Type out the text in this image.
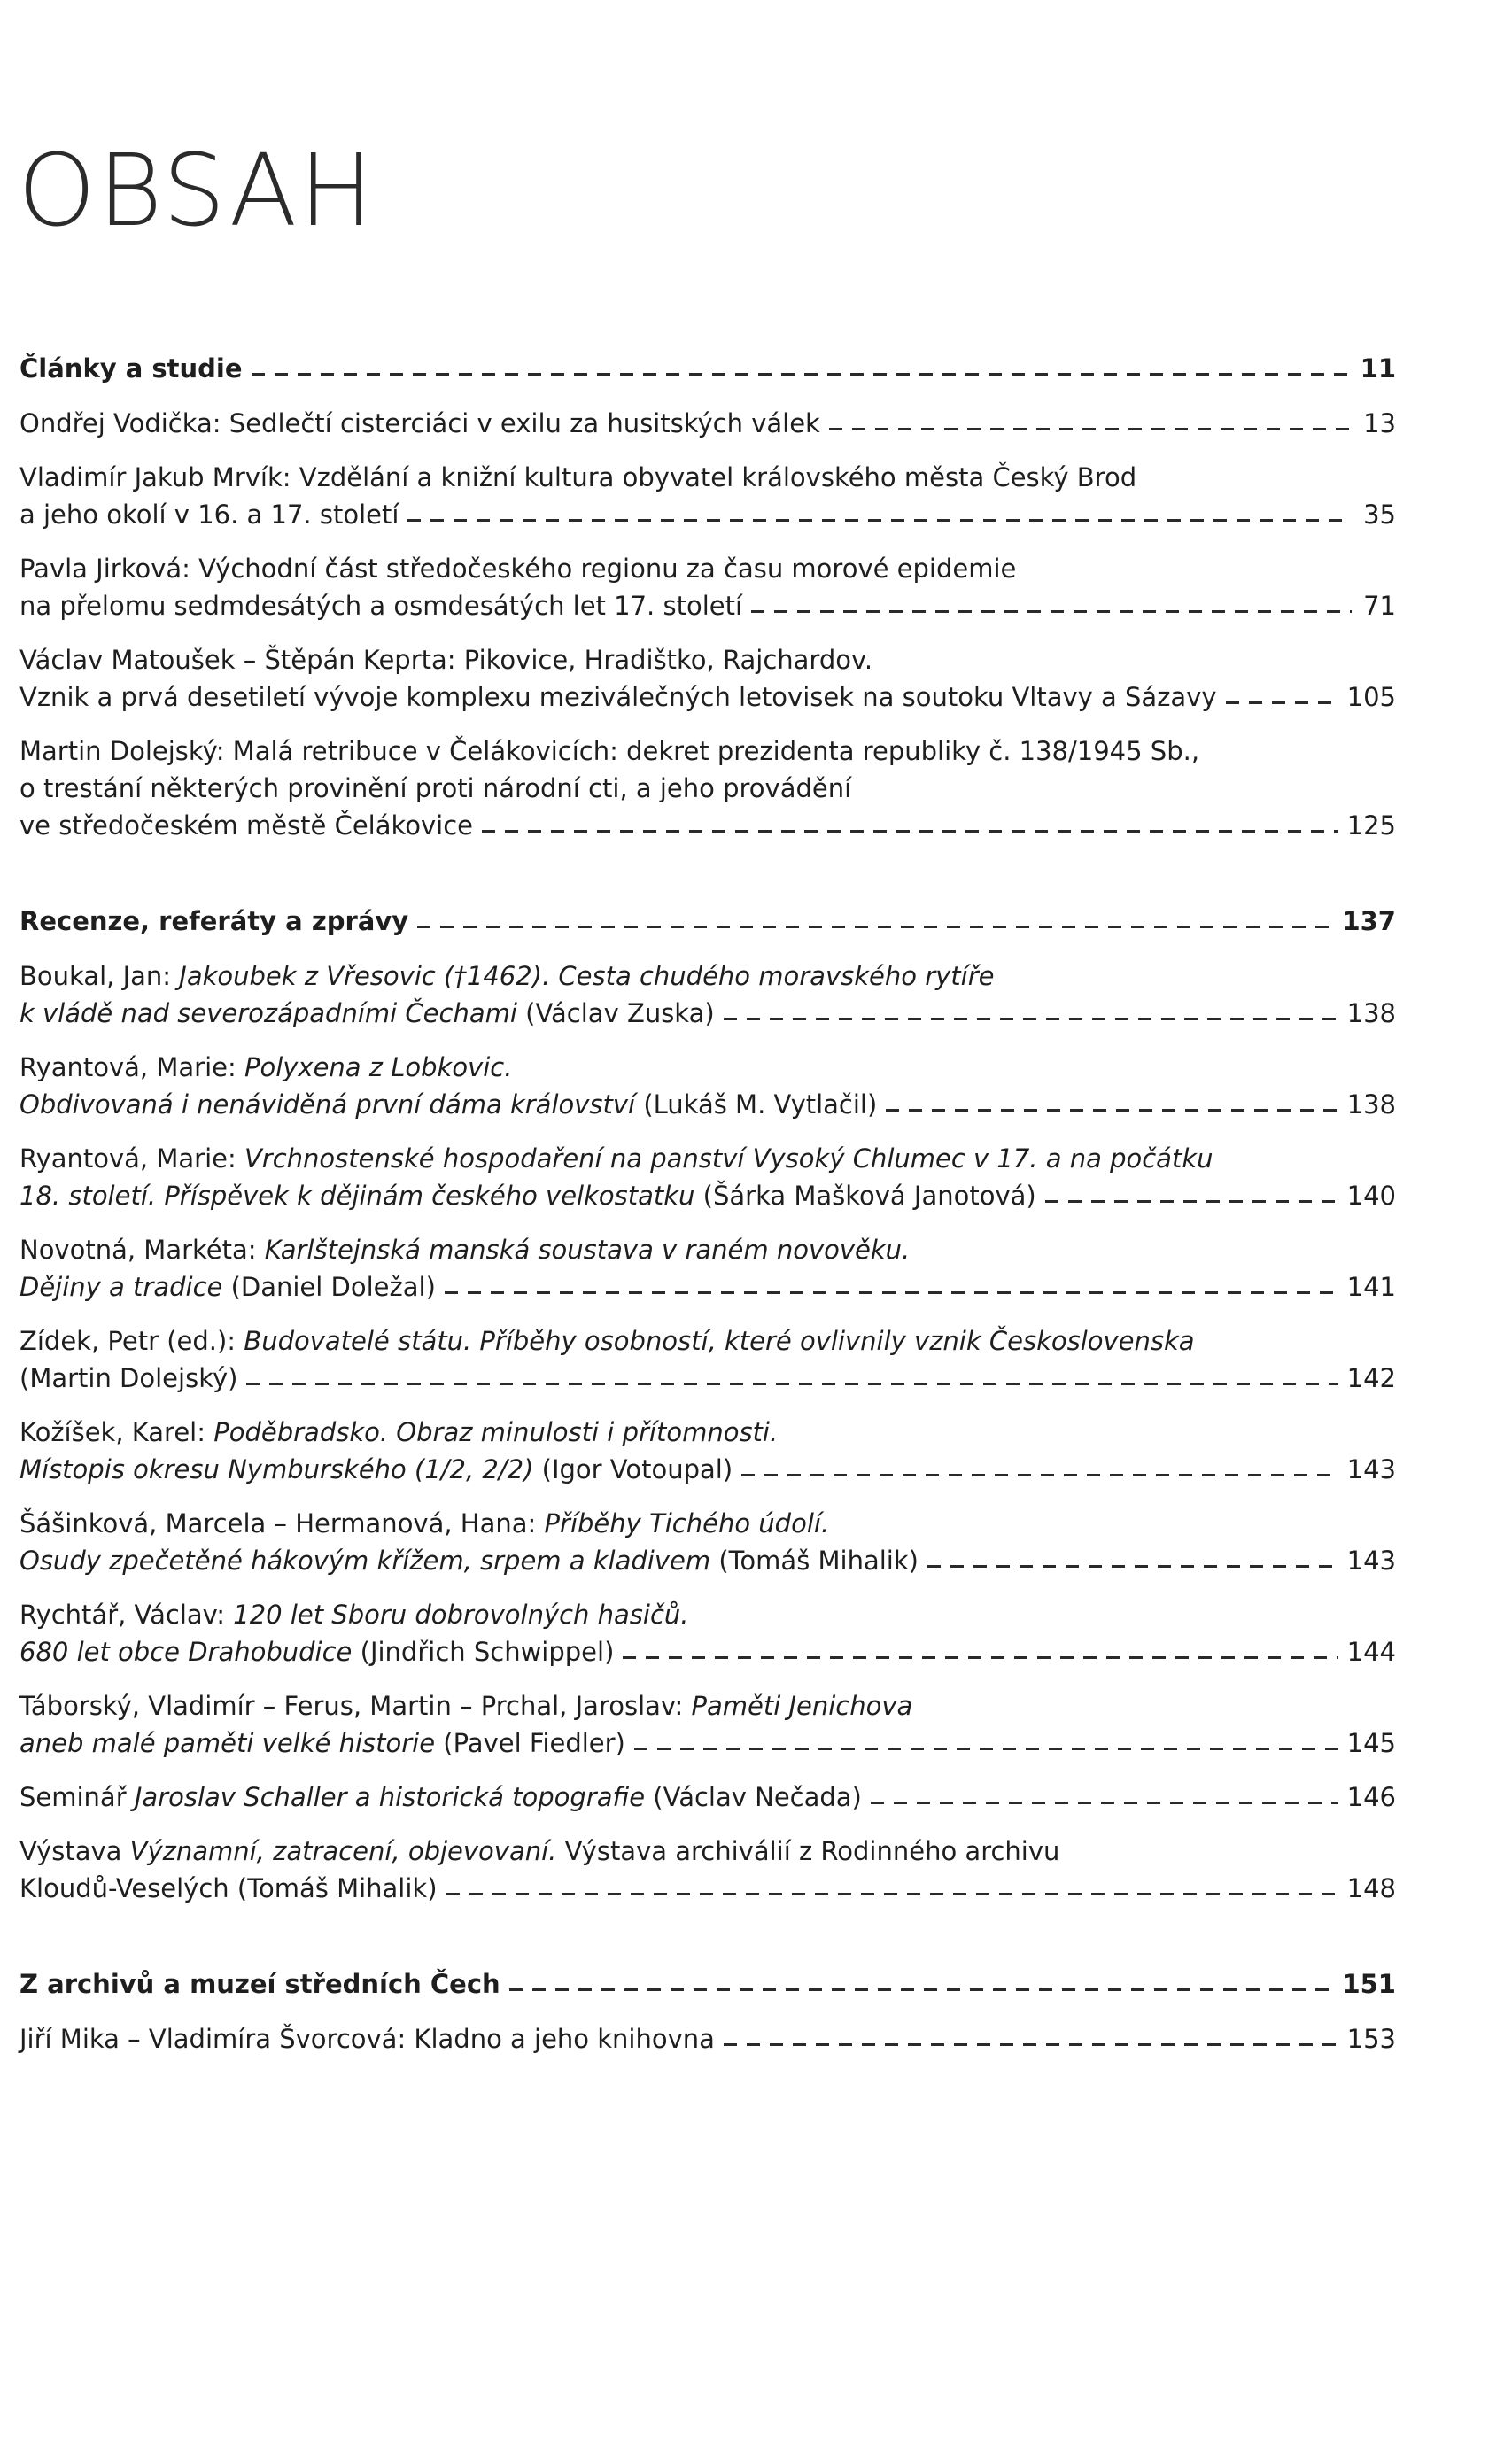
OBSAH
Články a studie	11
Ondřej Vodička: Sedlečtí cisterciáci v exilu za husitských válek	13
Vladimír Jakub Mrvík: Vzdělání a knižní kultura obyvatel královského města Český Brod
a jeho okolí v 16. a 17. století	35
Pavla Jirková: Východní část středočeského regionu za času morové epidemie
na přelomu sedmdesátých a osmdesátých let 17. století	71
Václav Matoušek – Štěpán Keprta: Pikovice, Hradištko, Rajchardov.
Vznik a prvá desetiletí vývoje komplexu meziválečných letovisek na soutoku Vltavy a Sázavy	105
Martin Dolejský: Malá retribuce v Čelákovicích: dekret prezidenta republiky č. 138/1945 Sb.,
o trestání některých provinění proti národní cti, a jeho provádění
ve středočeském městě Čelákovice	125
Recenze, referáty a zprávy	137
Boukal, Jan: Jakoubek z Vřesovic (†1462). Cesta chudého moravského rytíře
k vládě nad severozápadními Čechami (Václav Zuska)	138
Ryantová, Marie: Polyxena z Lobkovic.
Obdivovaná i nenáviděná první dáma království (Lukáš M. Vytlačil)	138
Ryantová, Marie: Vrchnostenské hospodaření na panství Vysoký Chlumec v 17. a na počátku
18. století. Příspěvek k dějinám českého velkostatku (Šárka Mašková Janotová)	140
Novotná, Markéta: Karlštejnská manská soustava v raném novověku.
Dějiny a tradice (Daniel Doležal)	141
Zídek, Petr (ed.): Budovatelé státu. Příběhy osobností, které ovlivnily vznik Československa
(Martin Dolejský)	142
Kožíšek, Karel: Poděbradsko. Obraz minulosti i přítomnosti.
Místopis okresu Nymburského (1/2, 2/2) (Igor Votoupal)	143
Šášinková, Marcela – Hermanová, Hana: Příběhy Tichého údolí.
Osudy zpečetěné hákovým křížem, srpem a kladivem (Tomáš Mihalik)	143
Rychtář, Václav: 120 let Sboru dobrovolných hasičů.
680 let obce Drahobudice (Jindřich Schwippel)	144
Táborský, Vladimír – Ferus, Martin – Prchal, Jaroslav: Paměti Jenichova
aneb malé paměti velké historie (Pavel Fiedler)	145
Seminář Jaroslav Schaller a historická topografie (Václav Nečada)	146
Výstava Významní, zatracení, objevovaní. Výstava archiválií z Rodinného archivu
Kloudů-Veselých (Tomáš Mihalik)	148
Z archivů a muzeí středních Čech	151
Jiří Mika – Vladimíra Švorcová: Kladno a jeho knihovna	153
